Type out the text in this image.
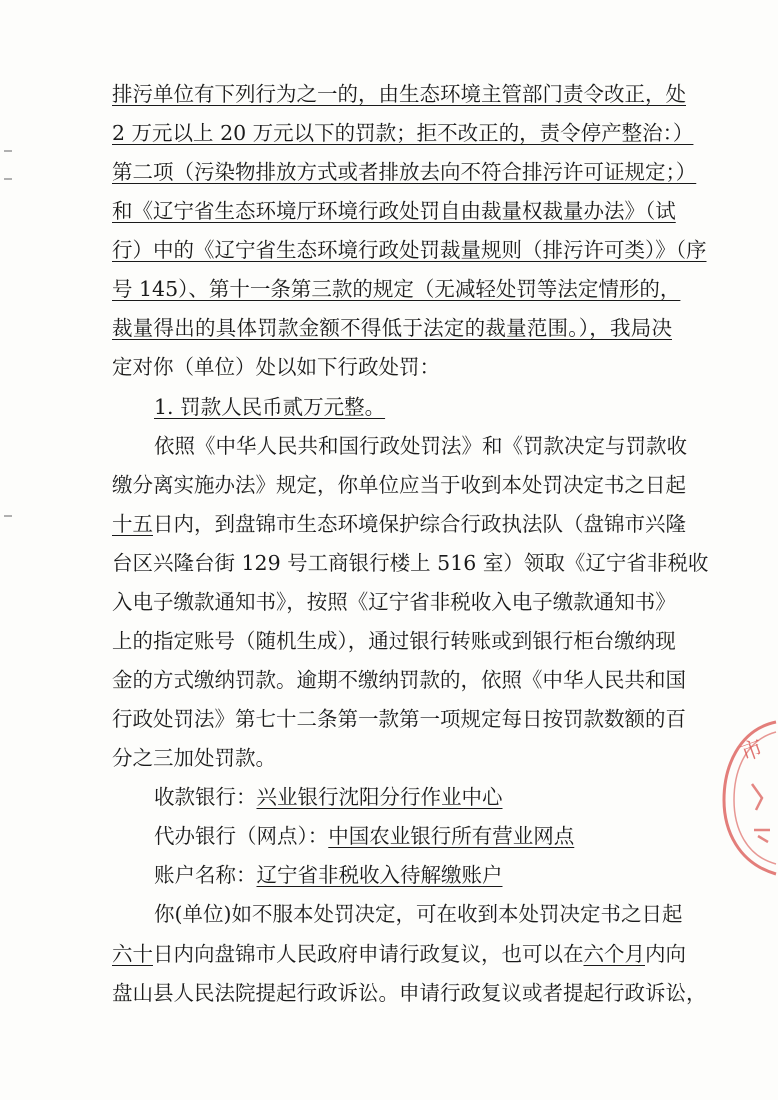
排污单位有下列行为之一的，由生态环境主管部门责令改正，处
2 万元以上 20 万元以下的罚款；拒不改正的，责令停产整治：）
第二项（污染物排放方式或者排放去向不符合排污许可证规定；）
和《辽宁省生态环境厅环境行政处罚自由裁量权裁量办法》（试
行）中的《辽宁省生态环境行政处罚裁量规则（排污许可类）》（序
号 145）、第十一条第三款的规定（无减轻处罚等法定情形的，
裁量得出的具体罚款金额不得低于法定的裁量范围。），我局决
定对你（单位）处以如下行政处罚：
1. 罚款人民币贰万元整。
依照《中华人民共和国行政处罚法》和《罚款决定与罚款收
缴分离实施办法》规定，你单位应当于收到本处罚决定书之日起
十五日内，到盘锦市生态环境保护综合行政执法队（盘锦市兴隆
台区兴隆台街 129 号工商银行楼上 516 室）领取《辽宁省非税收
入电子缴款通知书》，按照《辽宁省非税收入电子缴款通知书》
上的指定账号（随机生成），通过银行转账或到银行柜台缴纳现
金的方式缴纳罚款。逾期不缴纳罚款的，依照《中华人民共和国
行政处罚法》第七十二条第一款第一项规定每日按罚款数额的百
分之三加处罚款。
收款银行：兴业银行沈阳分行作业中心
代办银行（网点）：中国农业银行所有营业网点
账户名称：辽宁省非税收入待解缴账户
你(单位)如不服本处罚决定，可在收到本处罚决定书之日起
六十日内向盘锦市人民政府申请行政复议，也可以在六个月内向
盘山县人民法院提起行政诉讼。申请行政复议或者提起行政诉讼，
市
